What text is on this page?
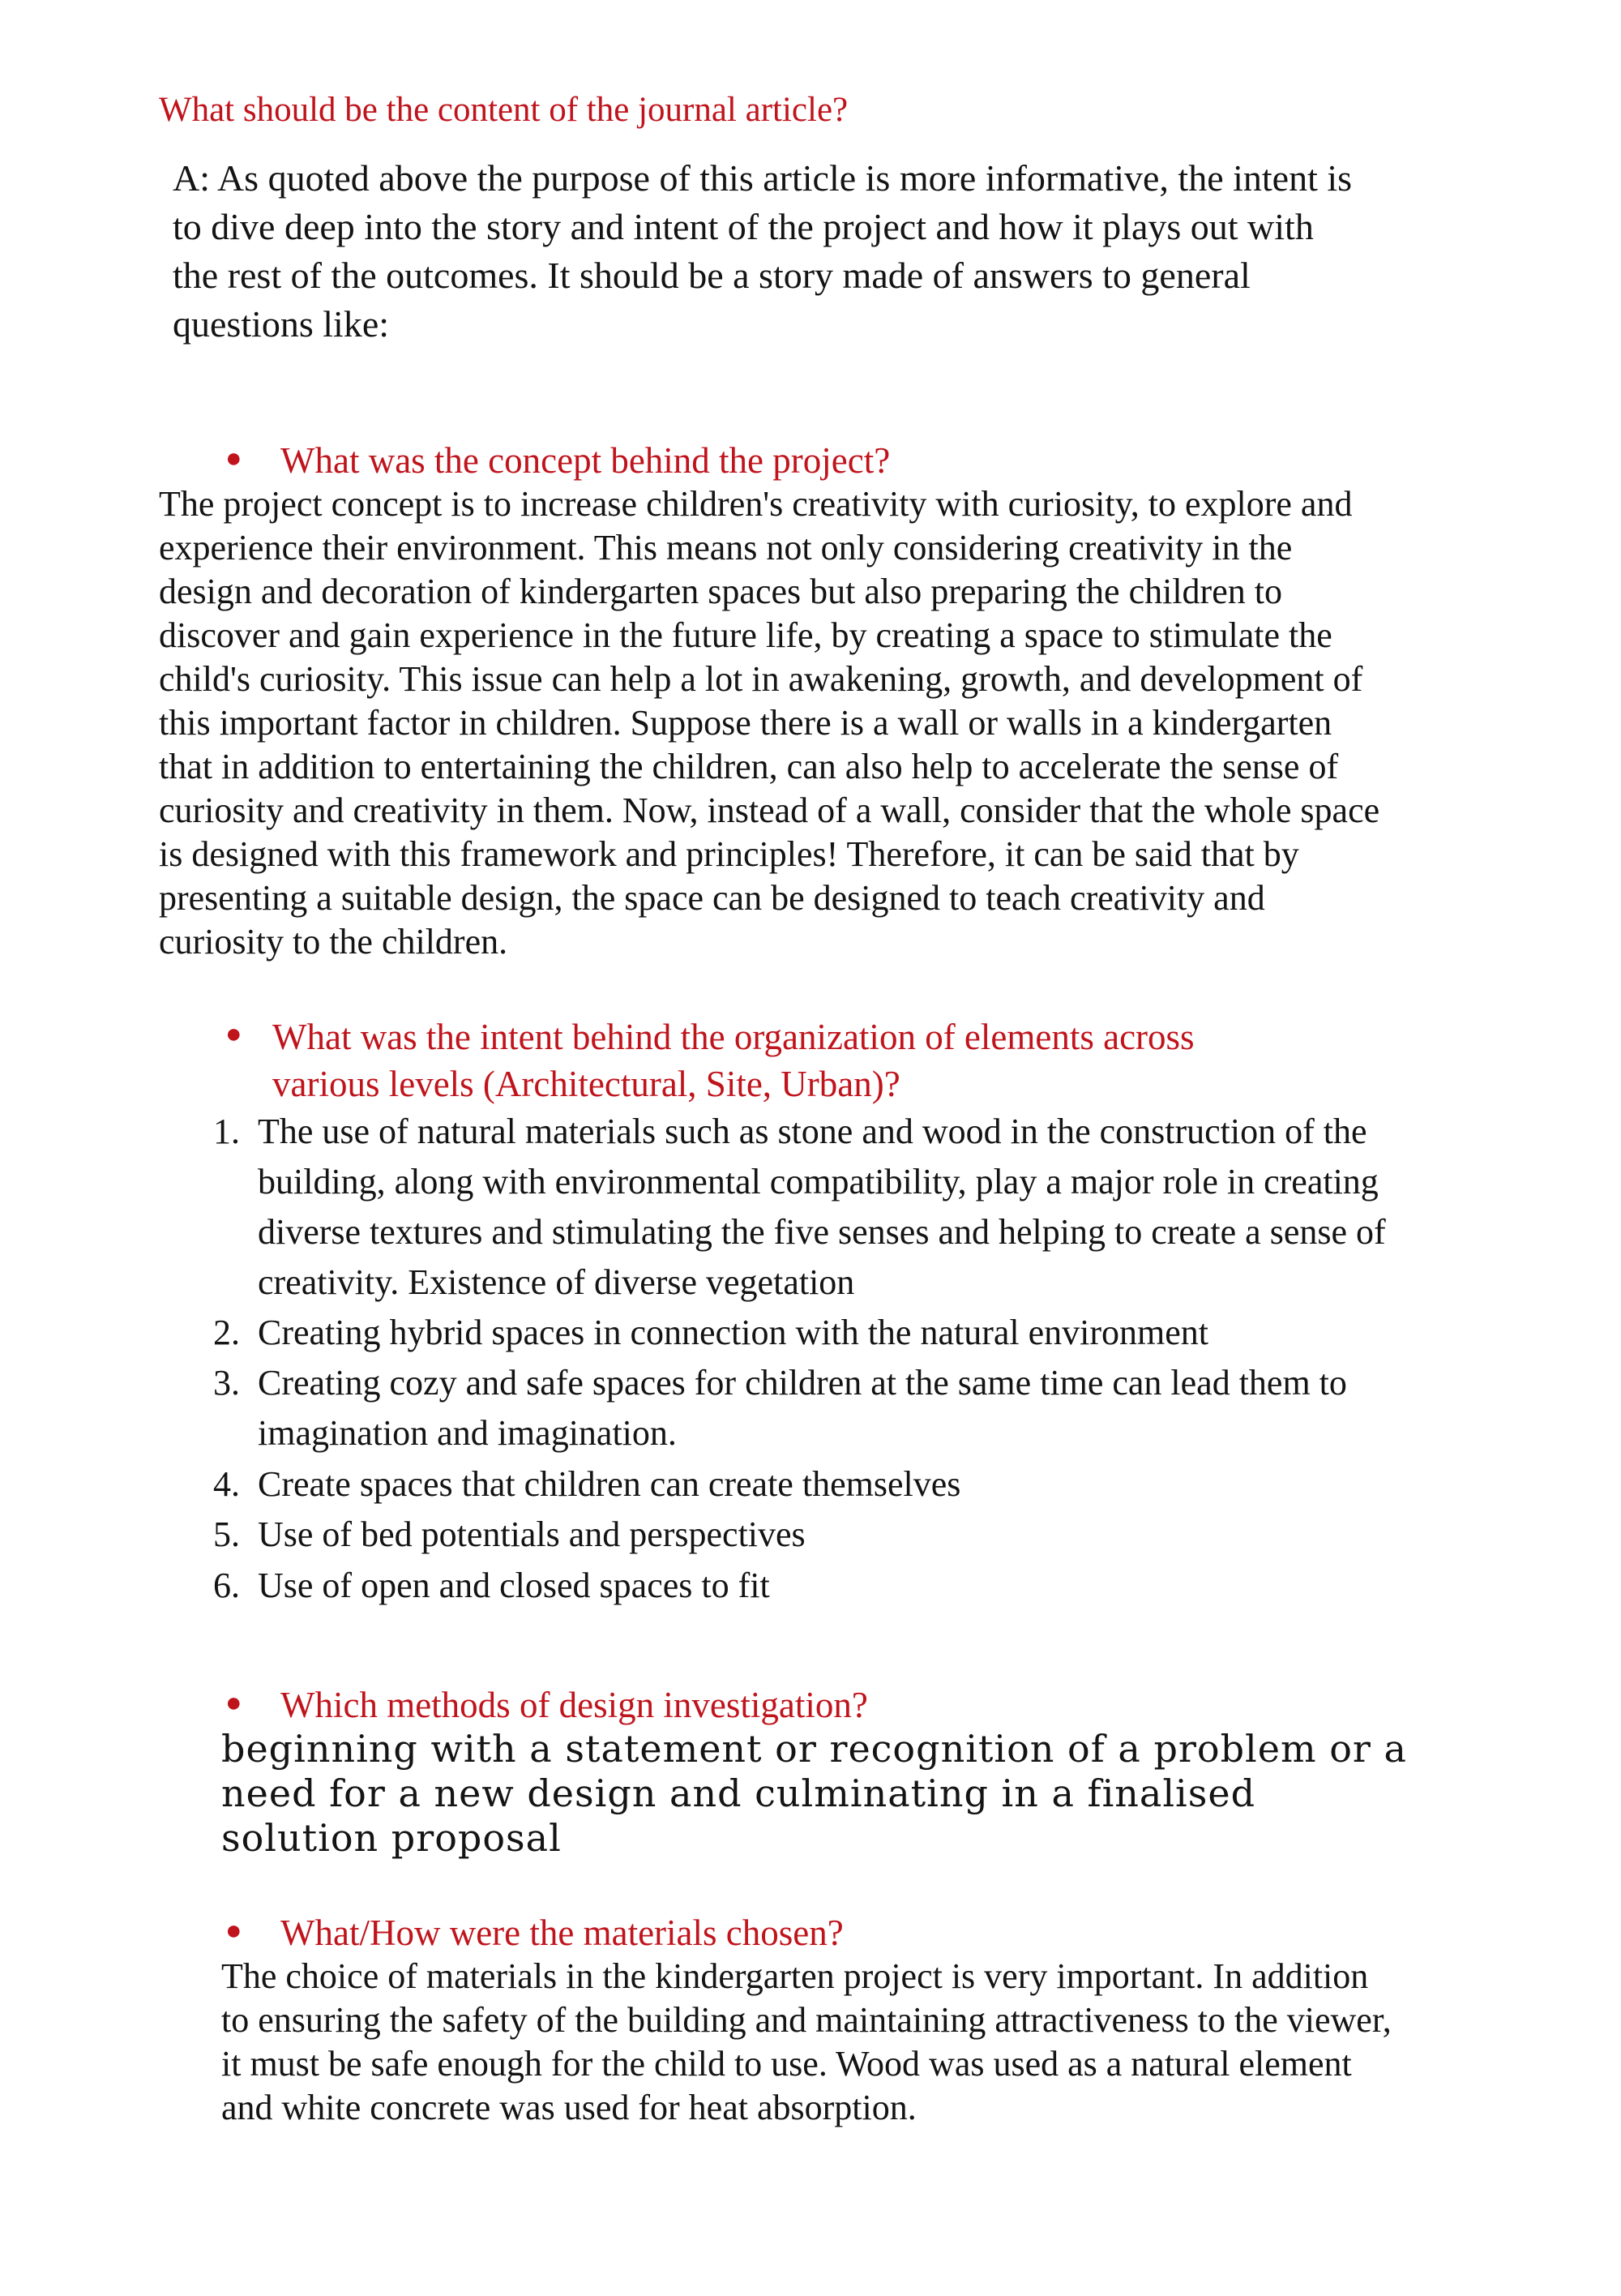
What should be the content of the journal article?
A: As quoted above the purpose of this article is more informative, the intent is
to dive deep into the story and intent of the project and how it plays out with
the rest of the outcomes. It should be a story made of answers to general
questions like:
● What was the concept behind the project?
The project concept is to increase children's creativity with curiosity, to explore and
experience their environment. This means not only considering creativity in the
design and decoration of kindergarten spaces but also preparing the children to
discover and gain experience in the future life, by creating a space to stimulate the
child's curiosity. This issue can help a lot in awakening, growth, and development of
this important factor in children. Suppose there is a wall or walls in a kindergarten
that in addition to entertaining the children, can also help to accelerate the sense of
curiosity and creativity in them. Now, instead of a wall, consider that the whole space
is designed with this framework and principles! Therefore, it can be said that by
presenting a suitable design, the space can be designed to teach creativity and
curiosity to the children.
● What was the intent behind the organization of elements across
various levels (Architectural, Site, Urban)?
1. The use of natural materials such as stone and wood in the construction of the
building, along with environmental compatibility, play a major role in creating
diverse textures and stimulating the five senses and helping to create a sense of
creativity. Existence of diverse vegetation
2. Creating hybrid spaces in connection with the natural environment
3. Creating cozy and safe spaces for children at the same time can lead them to
imagination and imagination.
4. Create spaces that children can create themselves
5. Use of bed potentials and perspectives
6. Use of open and closed spaces to fit
● Which methods of design investigation?
beginning with a statement or recognition of a problem or a
need for a new design and culminating in a finalised
solution proposal
● What/How were the materials chosen?
The choice of materials in the kindergarten project is very important. In addition
to ensuring the safety of the building and maintaining attractiveness to the viewer,
it must be safe enough for the child to use. Wood was used as a natural element
and white concrete was used for heat absorption.
